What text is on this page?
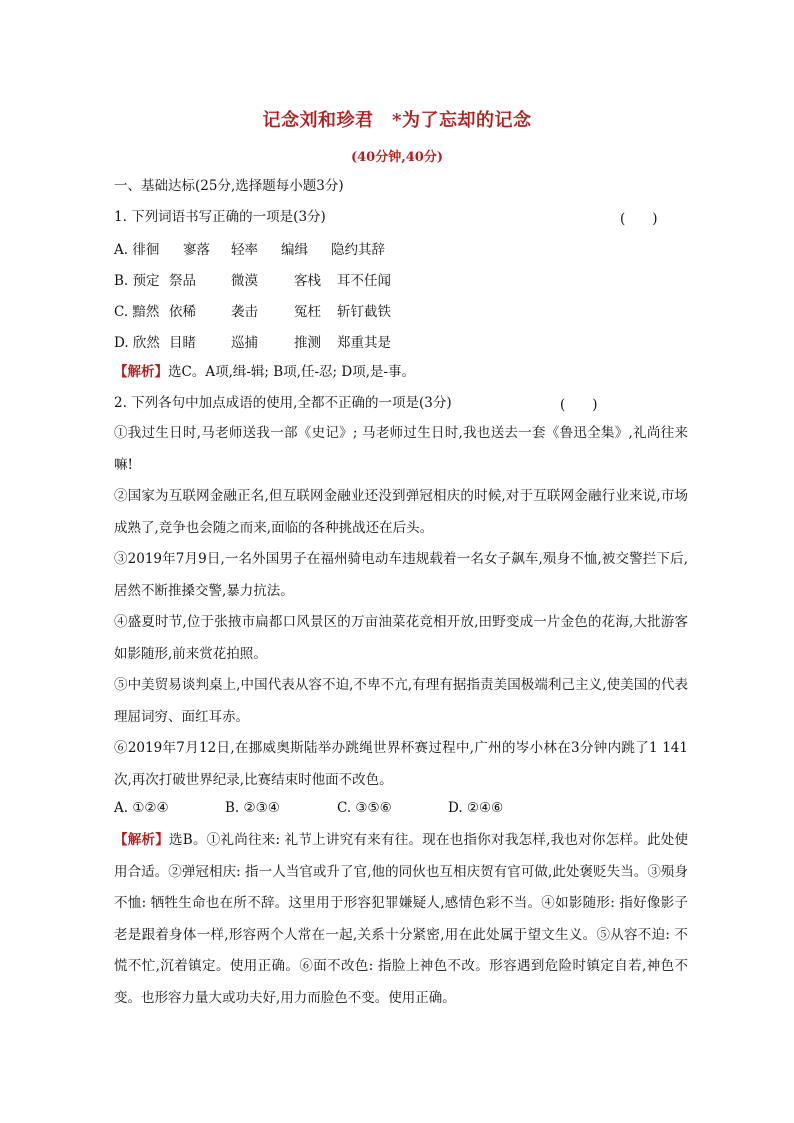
记念刘和珍君　*为了忘却的记念
(40分钟,40分)
一、基础达标(25分,选择题每小题3分)
1. 下列词语书写正确的一项是(3分)	(　　)
A. 徘徊 寥落 轻率 编缉 隐约其辞
B. 预定 祭品	微漠	客栈 耳不任闻
C. 黯然 依稀	袭击	冤枉 斩钉截铁
D. 欣然 目睹	巡捕	推测 郑重其是
【解析】选C。A项,缉-辑; B项,任-忍; D项,是-事。
2. 下列各句中加点成语的使用,全都不正确的一项是(3分)	(　　)
①我过生日时,马老师送我一部《史记》; 马老师过生日时,我也送去一套《鲁迅全集》,礼尚往来嘛!
②国家为互联网金融正名,但互联网金融业还没到弹冠相庆的时候,对于互联网金融行业来说,市场成熟了,竞争也会随之而来,面临的各种挑战还在后头。
③2019年7月9日,一名外国男子在福州骑电动车违规载着一名女子飙车,殒身不恤,被交警拦下后,居然不断推搡交警,暴力抗法。
④盛夏时节,位于张掖市扁都口风景区的万亩油菜花竞相开放,田野变成一片金色的花海,大批游客如影随形,前来赏花拍照。
⑤中美贸易谈判桌上,中国代表从容不迫,不卑不亢,有理有据指责美国极端利己主义,使美国的代表理屈词穷、面红耳赤。
⑥2019年7月12日,在挪威奥斯陆举办跳绳世界杯赛过程中,广州的岑小林在3分钟内跳了1 141次,再次打破世界纪录,比赛结束时他面不改色。
A. ①②④	B. ②③④	C. ③⑤⑥	D. ②④⑥
【解析】选B。①礼尚往来: 礼节上讲究有来有往。现在也指你对我怎样,我也对你怎样。此处使用合适。②弹冠相庆: 指一人当官或升了官,他的同伙也互相庆贺有官可做,此处褒贬失当。③殒身不恤: 牺牲生命也在所不辞。这里用于形容犯罪嫌疑人,感情色彩不当。④如影随形: 指好像影子老是跟着身体一样,形容两个人常在一起,关系十分紧密,用在此处属于望文生义。⑤从容不迫: 不慌不忙,沉着镇定。使用正确。⑥面不改色: 指脸上神色不改。形容遇到危险时镇定自若,神色不变。也形容力量大或功夫好,用力而脸色不变。使用正确。
